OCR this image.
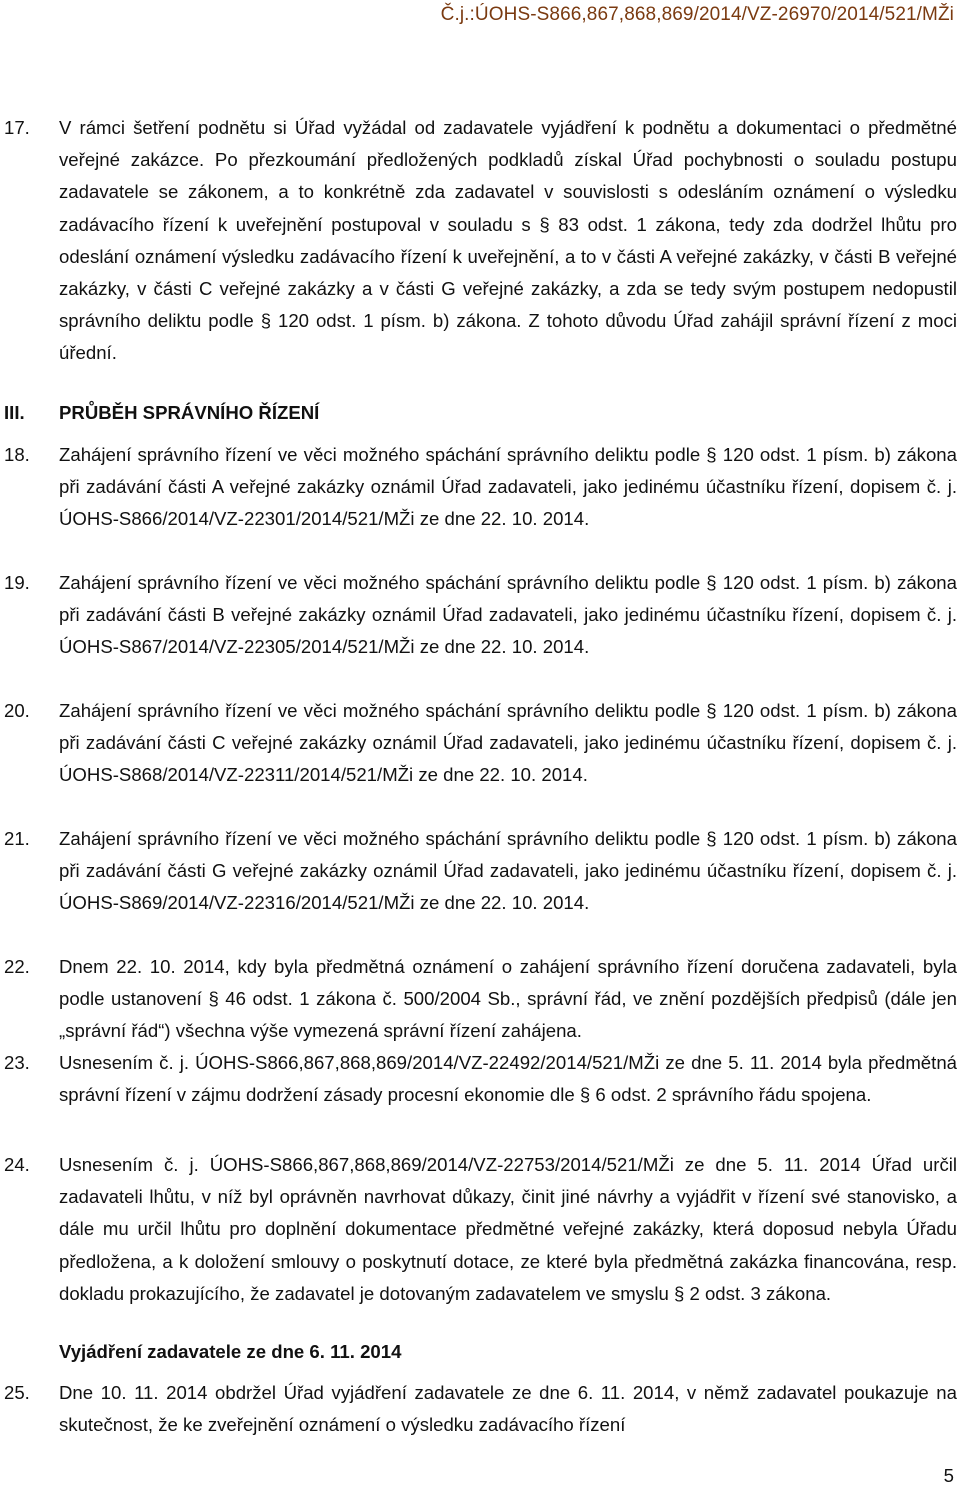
Č.j.:ÚOHS-S866,867,868,869/2014/VZ-26970/2014/521/MŽi
17. V rámci šetření podnětu si Úřad vyžádal od zadavatele vyjádření k podnětu a dokumentaci o předmětné veřejné zakázce. Po přezkoumání předložených podkladů získal Úřad pochybnosti o souladu postupu zadavatele se zákonem, a to konkrétně zda zadavatel v souvislosti s odesláním oznámení o výsledku zadávacího řízení k uveřejnění postupoval v souladu s § 83 odst. 1 zákona, tedy zda dodržel lhůtu pro odeslání oznámení výsledku zadávacího řízení k uveřejnění, a to v části A veřejné zakázky, v části B veřejné zakázky, v části C veřejné zakázky a v části G veřejné zakázky, a zda se tedy svým postupem nedopustil správního deliktu podle § 120 odst. 1 písm. b) zákona. Z tohoto důvodu Úřad zahájil správní řízení z moci úřední.
III. PRŮBĚH SPRÁVNÍHO ŘÍZENÍ
18. Zahájení správního řízení ve věci možného spáchání správního deliktu podle § 120 odst. 1 písm. b) zákona při zadávání části A veřejné zakázky oznámil Úřad zadavateli, jako jedinému účastníku řízení, dopisem č. j. ÚOHS-S866/2014/VZ-22301/2014/521/MŽi ze dne 22. 10. 2014.
19. Zahájení správního řízení ve věci možného spáchání správního deliktu podle § 120 odst. 1 písm. b) zákona při zadávání části B veřejné zakázky oznámil Úřad zadavateli, jako jedinému účastníku řízení, dopisem č. j. ÚOHS-S867/2014/VZ-22305/2014/521/MŽi ze dne 22. 10. 2014.
20. Zahájení správního řízení ve věci možného spáchání správního deliktu podle § 120 odst. 1 písm. b) zákona při zadávání části C veřejné zakázky oznámil Úřad zadavateli, jako jedinému účastníku řízení, dopisem č. j. ÚOHS-S868/2014/VZ-22311/2014/521/MŽi ze dne 22. 10. 2014.
21. Zahájení správního řízení ve věci možného spáchání správního deliktu podle § 120 odst. 1 písm. b) zákona při zadávání části G veřejné zakázky oznámil Úřad zadavateli, jako jedinému účastníku řízení, dopisem č. j. ÚOHS-S869/2014/VZ-22316/2014/521/MŽi ze dne 22. 10. 2014.
22. Dnem 22. 10. 2014, kdy byla předmětná oznámení o zahájení správního řízení doručena zadavateli, byla podle ustanovení § 46 odst. 1 zákona č. 500/2004 Sb., správní řád, ve znění pozdějších předpisů (dále jen „správní řád“) všechna výše vymezená správní řízení zahájena.
23. Usnesením č. j. ÚOHS-S866,867,868,869/2014/VZ-22492/2014/521/MŽi ze dne 5. 11. 2014 byla předmětná správní řízení v zájmu dodržení zásady procesní ekonomie dle § 6 odst. 2 správního řádu spojena.
24. Usnesením č. j. ÚOHS-S866,867,868,869/2014/VZ-22753/2014/521/MŽi ze dne 5. 11. 2014 Úřad určil zadavateli lhůtu, v níž byl oprávněn navrhovat důkazy, činit jiné návrhy a vyjádřit v řízení své stanovisko, a dále mu určil lhůtu pro doplnění dokumentace předmětné veřejné zakázky, která doposud nebyla Úřadu předložena, a k doložení smlouvy o poskytnutí dotace, ze které byla předmětná zakázka financována, resp. dokladu prokazujícího, že zadavatel je dotovaným zadavatelem ve smyslu § 2 odst. 3 zákona.
Vyjádření zadavatele ze dne 6. 11. 2014
25. Dne 10. 11. 2014 obdržel Úřad vyjádření zadavatele ze dne 6. 11. 2014, v němž zadavatel poukazuje na skutečnost, že ke zveřejnění oznámení o výsledku zadávacího řízení
5
